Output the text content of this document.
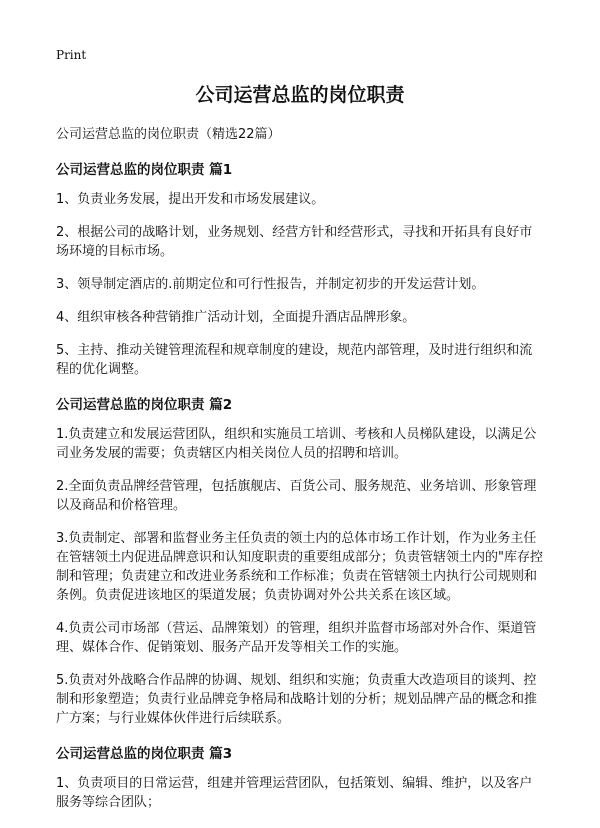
Print
公司运营总监的岗位职责
公司运营总监的岗位职责（精选22篇）
公司运营总监的岗位职责 篇1

1、负责业务发展，提出开发和市场发展建议。

2、根据公司的战略计划，业务规划、经营方针和经营形式，寻找和开拓具有良好市场环境的目标市场。

3、领导制定酒店的.前期定位和可行性报告，并制定初步的开发运营计划。

4、组织审核各种营销推广活动计划，全面提升酒店品牌形象。

5、主持、推动关键管理流程和规章制度的建设，规范内部管理，及时进行组织和流程的优化调整。

公司运营总监的岗位职责 篇2

1.负责建立和发展运营团队，组织和实施员工培训、考核和人员梯队建设，以满足公司业务发展的需要；负责辖区内相关岗位人员的招聘和培训。

2.全面负责品牌经营管理，包括旗舰店、百货公司、服务规范、业务培训、形象管理以及商品和价格管理。

3.负责制定、部署和监督业务主任负责的领土内的总体市场工作计划，作为业务主任在管辖领土内促进品牌意识和认知度职责的重要组成部分；负责管辖领土内的"库存控制和管理；负责建立和改进业务系统和工作标准；负责在管辖领土内执行公司规则和条例。负责促进该地区的渠道发展；负责协调对外公共关系在该区域。

4.负责公司市场部（营运、品牌策划）的管理，组织并监督市场部对外合作、渠道管理、媒体合作、促销策划、服务产品开发等相关工作的实施。

5.负责对外战略合作品牌的协调、规划、组织和实施；负责重大改造项目的谈判、控制和形象塑造；负责行业品牌竞争格局和战略计划的分析；规划品牌产品的概念和推广方案；与行业媒体伙伴进行后续联系。

公司运营总监的岗位职责 篇3

1、负责项目的日常运营，组建并管理运营团队，包括策划、编辑、维护，以及客户服务等综合团队；
